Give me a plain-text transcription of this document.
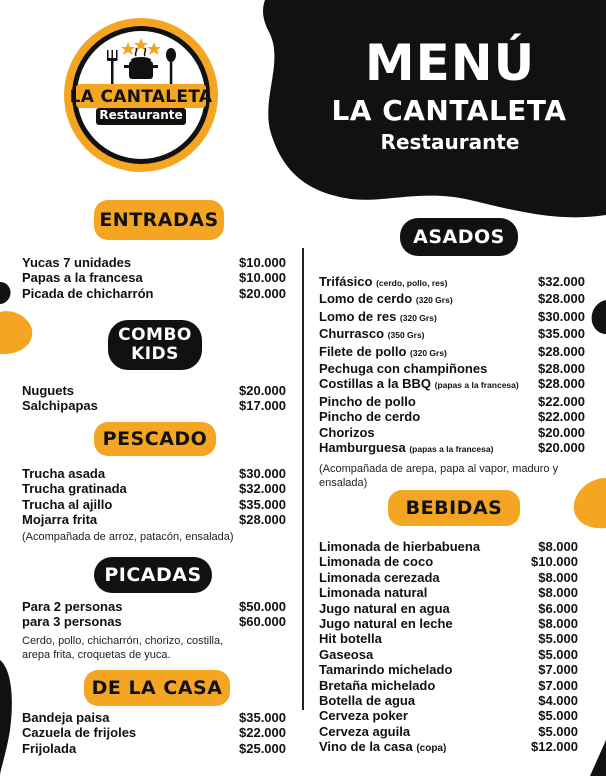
LA CANTALETA
Restaurante
MENÚ
LA CANTALETA
Restaurante
ENTRADAS
Yucas 7 unidades	$10.000
Papas a la francesa	$10.000
Picada de chicharrón	$20.000
COMBO
KIDS
Nuguets	$20.000
Salchipapas	$17.000
PESCADO
Trucha asada	$30.000
Trucha gratinada	$32.000
Trucha al ajillo	$35.000
Mojarra frita	$28.000
(Acompañada de arroz, patacón, ensalada)
PICADAS
Para 2 personas	$50.000
para 3 personas	$60.000
Cerdo, pollo, chicharrón, chorizo, costilla, arepa frita, croquetas de yuca.
DE LA CASA
Bandeja paisa	$35.000
Cazuela de frijoles	$22.000
Frijolada	$25.000
ASADOS
Trifásico (cerdo, pollo, res)	$32.000
Lomo de cerdo (320 Grs)	$28.000
Lomo de res (320 Grs)	$30.000
Churrasco (350 Grs)	$35.000
Filete de pollo (320 Grs)	$28.000
Pechuga con champiñones	$28.000
Costillas a la BBQ (papas a la francesa) $28.000
Pincho de pollo	$22.000
Pincho de cerdo	$22.000
Chorizos	$20.000
Hamburguesa (papas a la francesa)	$20.000
(Acompañada de arepa, papa al vapor, maduro y ensalada)
BEBIDAS
Limonada de hierbabuena	$8.000
Limonada de coco	$10.000
Limonada cerezada	$8.000
Limonada natural	$8.000
Jugo natural en agua	$6.000
Jugo natural en leche	$8.000
Hit botella	$5.000
Gaseosa	$5.000
Tamarindo michelado	$7.000
Bretaña michelado	$7.000
Botella de agua	$4.000
Cerveza poker	$5.000
Cerveza aguila	$5.000
Vino de la casa (copa)	$12.000
